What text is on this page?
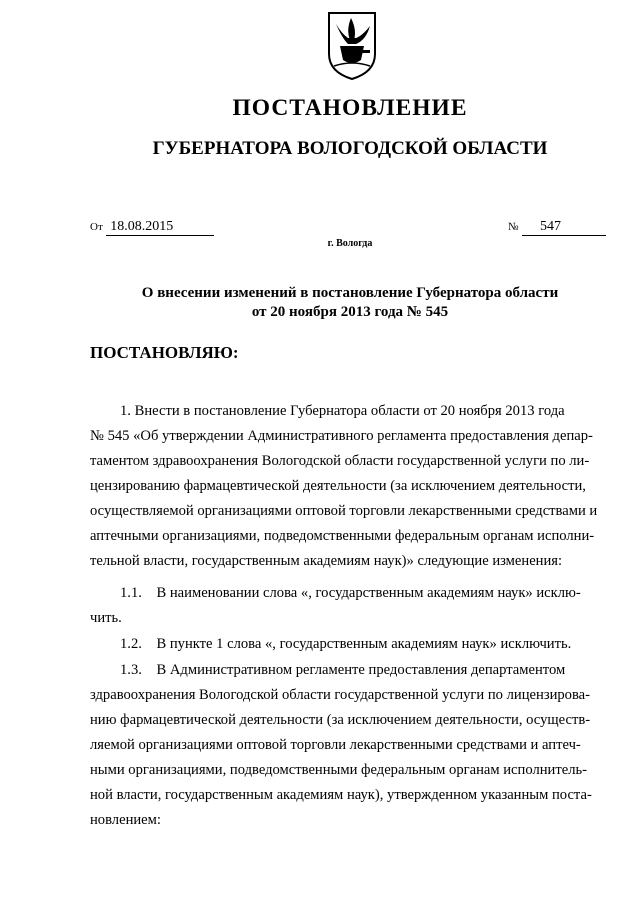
ПОСТАНОВЛЕНИЕ
ГУБЕРНАТОРА ВОЛОГОДСКОЙ ОБЛАСТИ
От 18.08.2015	№ 547
г. Вологда
О внесении изменений в постановление Губернатора области
от 20 ноября 2013 года № 545
ПОСТАНОВЛЯЮ:
1. Внести в постановление Губернатора области от 20 ноября 2013 года
№ 545 «Об утверждении Административного регламента предоставления депар-
таментом здравоохранения Вологодской области государственной услуги по ли-
цензированию фармацевтической деятельности (за исключением деятельности,
осуществляемой организациями оптовой торговли лекарственными средствами и
аптечными организациями, подведомственными федеральным органам исполни-
тельной власти, государственным академиям наук)» следующие изменения:
1.1. В наименовании слова «, государственным академиям наук» исклю-
чить.
1.2. В пункте 1 слова «, государственным академиям наук» исключить.
1.3. В Административном регламенте предоставления департаментом
здравоохранения Вологодской области государственной услуги по лицензирова-
нию фармацевтической деятельности (за исключением деятельности, осуществ-
ляемой организациями оптовой торговли лекарственными средствами и аптеч-
ными организациями, подведомственными федеральным органам исполнитель-
ной власти, государственным академиям наук), утвержденном указанным поста-
новлением:
